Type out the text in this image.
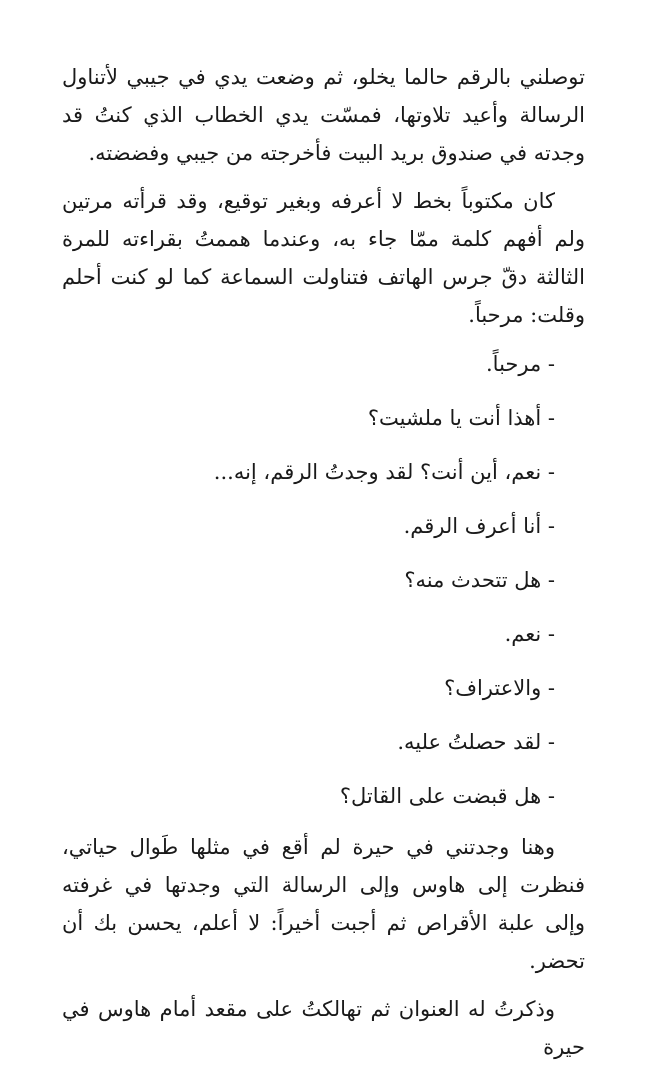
توصلني بالرقم حالما يخلو، ثم وضعت يدي في جيبي لأتناول الرسالة وأعيد تلاوتها، فمسّت يدي الخطاب الذي كنتُ قد وجدته في صندوق بريد البيت فأخرجته من جيبي وفضضته.

كان مكتوباً بخط لا أعرفه وبغير توقيع، وقد قرأته مرتين ولم أفهم كلمة ممّا جاء به، وعندما هممتُ بقراءته للمرة الثالثة دقّ جرس الهاتف فتناولت السماعة كما لو كنت أحلم وقلت: مرحباً.

- مرحباً.
- أهذا أنت يا ملشيت؟
- نعم، أين أنت؟ لقد وجدتُ الرقم، إنه...
- أنا أعرف الرقم.
- هل تتحدث منه؟
- نعم.
- والاعتراف؟
- لقد حصلتُ عليه.
- هل قبضت على القاتل؟

وهنا وجدتني في حيرة لم أقع في مثلها طَوال حياتي، فنظرت إلى هاوس وإلى الرسالة التي وجدتها في غرفته وإلى علبة الأقراص ثم أجبت أخيراً: لا أعلم، يحسن بك أن تحضر.

وذكرتُ له العنوان ثم تهالكتُ على مقعد أمام هاوس في حيرة
